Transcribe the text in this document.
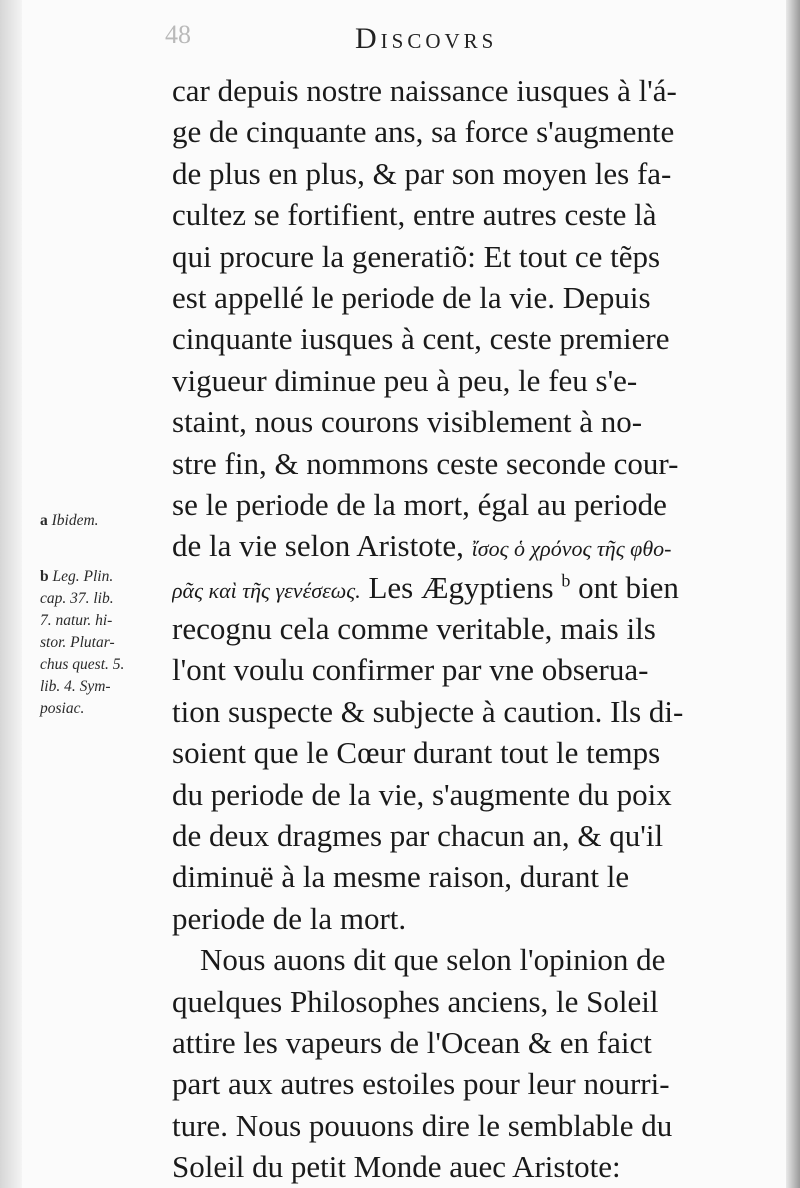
48	Discovrs
car depuis nostre naissance iusques à l'á-
ge de cinquante ans, sa force s'augmente
de plus en plus, & par son moyen les fa-
cultez se fortifient, entre autres ceste là
qui procure la generatiõ: Et tout ce tẽps
est appellé le periode de la vie. Depuis
cinquante iusques à cent, ceste premiere
vigueur diminue peu à peu, le feu s'e-
staint, nous courons visiblement à no-
stre fin, & nommons ceste seconde cour-
se le periode de la mort, égal au periode
de la vie selon Aristote, ἴσος ὁ χρόνος τῆς φθο-
ρᾶς καὶ τῆς γενέσεως. Les Ægyptiens $^b$ ont bien
recognu cela comme veritable, mais ils
l'ont voulu confirmer par vne obserua-
tion suspecte & subjecte à caution. Ils di-
soient que le Cœur durant tout le temps
du periode de la vie, s'augmente du poix
de deux dragmes par chacun an, & qu'il
diminuë à la mesme raison, durant le
periode de la mort.
Nous auons dit que selon l'opinion de
quelques Philosophes anciens, le Soleil
attire les vapeurs de l'Ocean & en faict
part aux autres estoiles pour leur nourri-
ture. Nous pouuons dire le semblable du
Soleil du petit Monde auec Aristote:
a Ibidem.
b Leg. Plin.
cap. 37. lib.
7. natur. hi-
stor. Plutar-
chus quest. 5.
lib. 4. Sym-
posiac.
